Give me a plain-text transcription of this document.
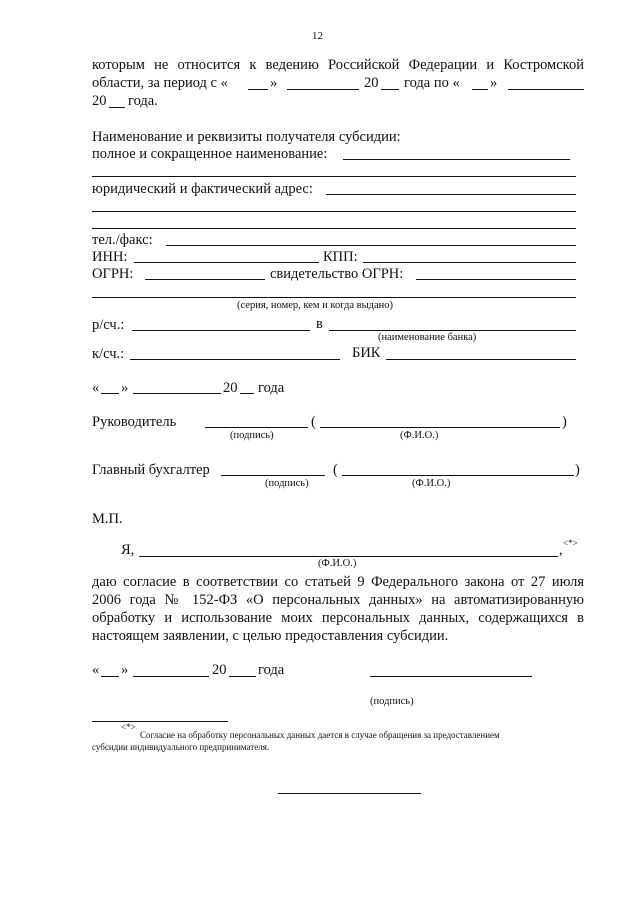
12
которым не относится к ведению Российской Федерации и Костромской
области, за период с «	»	20 года по « »
20 года.
Наименование и реквизиты получателя субсидии:
полное и сокращенное наименование:
юридический и фактический адрес:
тел./факс:
ИНН:	КПП:
ОГРН:	свидетельство ОГРН:
(серия, номер, кем и когда выдано)
р/сч.:	в
(наименование банка)
к/сч.:	БИК
« »	20 года
Руководитель	(	)
(подпись)	(Ф.И.О.)
Главный бухгалтер	(	)
(подпись)	(Ф.И.О.)
М.П.
Я,	, <*>
(Ф.И.О.)
даю согласие в соответствии со статьей 9 Федерального закона от 27 июля
2006 года № 152-ФЗ «О персональных данных» на автоматизированную
обработку и использование моих персональных данных, содержащихся в
настоящем заявлении, с целью предоставления субсидии.
« »	20 года
(подпись)
<*>
Согласие на обработку персональных данных дается в случае обращения за предоставлением
субсидии индивидуального предпринимателя.
